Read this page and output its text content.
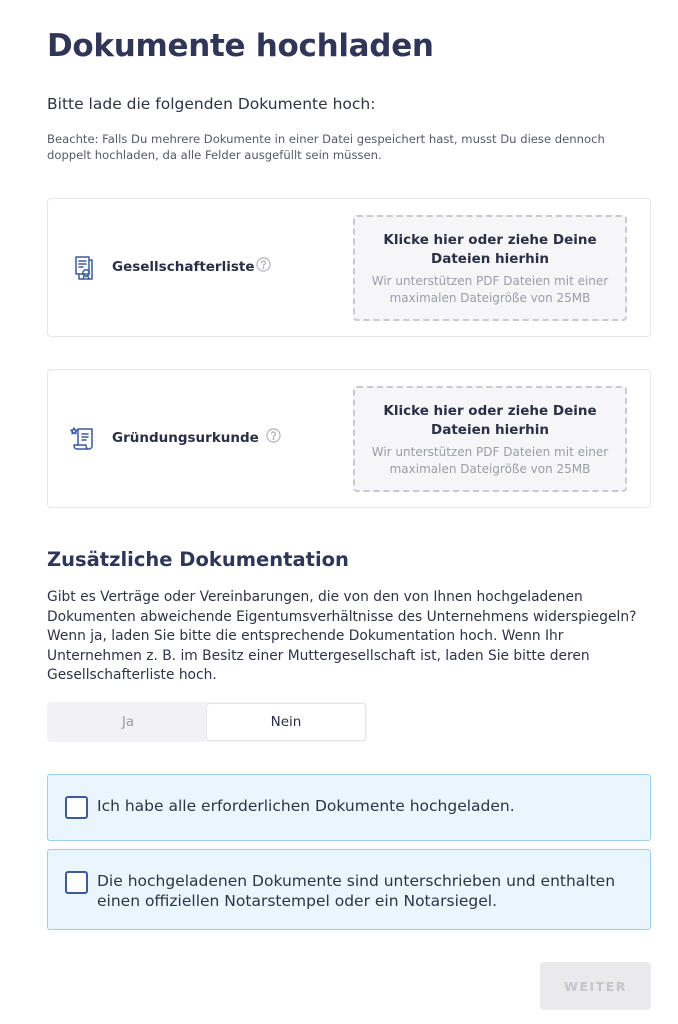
Dokumente hochladen

Bitte lade die folgenden Dokumente hoch:

Beachte: Falls Du mehrere Dokumente in einer Datei gespeichert hast, musst Du diese dennoch doppelt hochladen, da alle Felder ausgefüllt sein müssen.

Gesellschafterliste
Klicke hier oder ziehe Deine Dateien hierhin
Wir unterstützen PDF Dateien mit einer maximalen Dateigröße von 25MB
Gründungsurkunde
Klicke hier oder ziehe Deine Dateien hierhin
Wir unterstützen PDF Dateien mit einer maximalen Dateigröße von 25MB
Zusätzliche Dokumentation

Gibt es Verträge oder Vereinbarungen, die von den von Ihnen hochgeladenen Dokumenten abweichende Eigentumsverhältnisse des Unternehmens widerspiegeln? Wenn ja, laden Sie bitte die entsprechende Dokumentation hoch. Wenn Ihr Unternehmen z. B. im Besitz einer Muttergesellschaft ist, laden Sie bitte deren Gesellschafterliste hoch.

Ja	Nein
Ich habe alle erforderlichen Dokumente hochgeladen.
Die hochgeladenen Dokumente sind unterschrieben und enthalten einen offiziellen Notarstempel oder ein Notarsiegel.
WEITER
